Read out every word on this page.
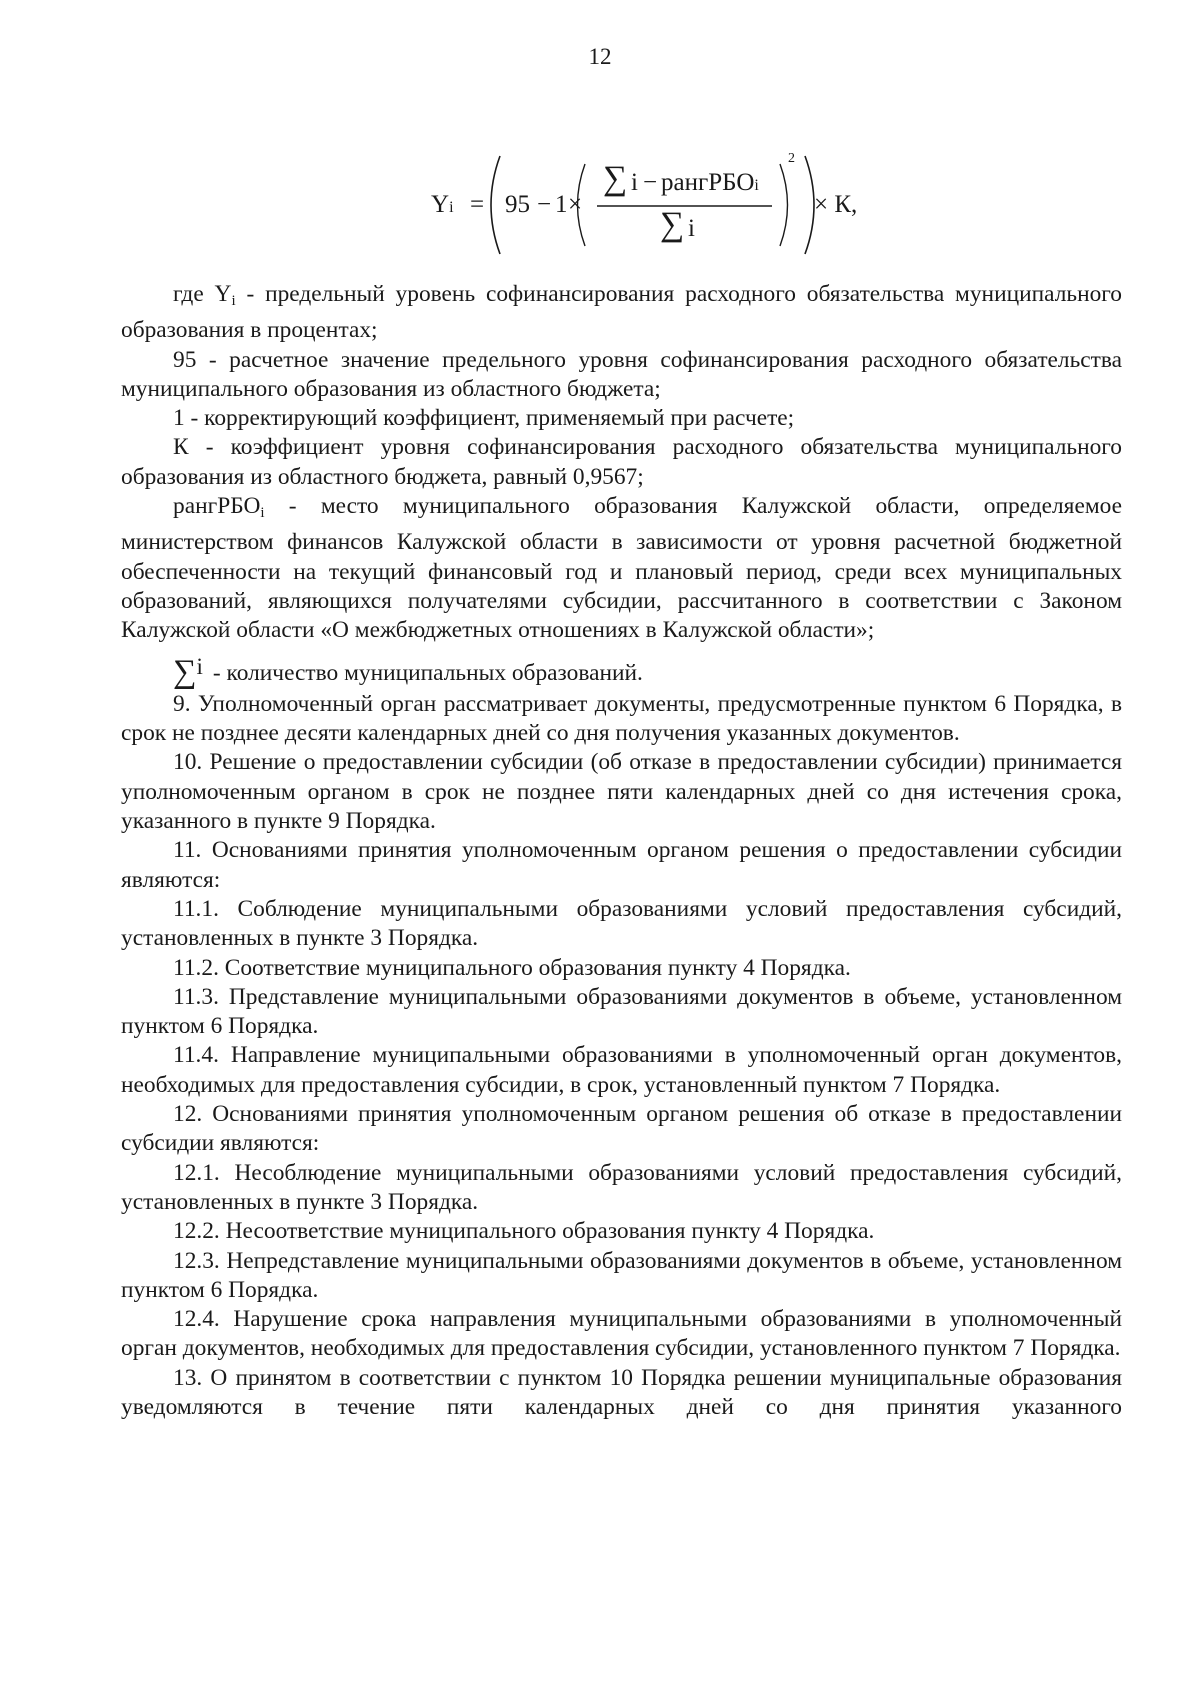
12
Yi = 95 − 1 ×
∑ i − рангРБОi
∑ i
2
× К,

где $Y_i$ - предельный уровень софинансирования расходного обязательства муниципального образования в процентах;

95 - расчетное значение предельного уровня софинансирования расходного обязательства муниципального образования из областного бюджета;

1 - корректирующий коэффициент, применяемый при расчете;

К - коэффициент уровня софинансирования расходного обязательства муниципального образования из областного бюджета, равный 0,9567;

рангРБО$_i$ - место муниципального образования Калужской области, определяемое министерством финансов Калужской области в зависимости от уровня расчетной бюджетной обеспеченности на текущий финансовый год и плановый период, среди всех муниципальных образований, являющихся получателями субсидии, рассчитанного в соответствии с Законом Калужской области «О межбюджетных отношениях в Калужской области»;

∑i - количество муниципальных образований.

9. Уполномоченный орган рассматривает документы, предусмотренные пунктом 6 Порядка, в срок не позднее десяти календарных дней со дня получения указанных документов.

10. Решение о предоставлении субсидии (об отказе в предоставлении субсидии) принимается уполномоченным органом в срок не позднее пяти календарных дней со дня истечения срока, указанного в пункте 9 Порядка.

11. Основаниями принятия уполномоченным органом решения о предоставлении субсидии являются:

11.1. Соблюдение муниципальными образованиями условий предоставления субсидий, установленных в пункте 3 Порядка.

11.2. Соответствие муниципального образования пункту 4 Порядка.

11.3. Представление муниципальными образованиями документов в объеме, установленном пунктом 6 Порядка.

11.4. Направление муниципальными образованиями в уполномоченный орган документов, необходимых для предоставления субсидии, в срок, установленный пунктом 7 Порядка.

12. Основаниями принятия уполномоченным органом решения об отказе в предоставлении субсидии являются:

12.1. Несоблюдение муниципальными образованиями условий предоставления субсидий, установленных в пункте 3 Порядка.

12.2. Несоответствие муниципального образования пункту 4 Порядка.

12.3. Непредставление муниципальными образованиями документов в объеме, установленном пунктом 6 Порядка.

12.4. Нарушение срока направления муниципальными образованиями в уполномоченный орган документов, необходимых для предоставления субсидии, установленного пунктом 7 Порядка.

13. О принятом в соответствии с пунктом 10 Порядка решении муниципальные образования уведомляются в течение пяти календарных дней со дня принятия указанного
